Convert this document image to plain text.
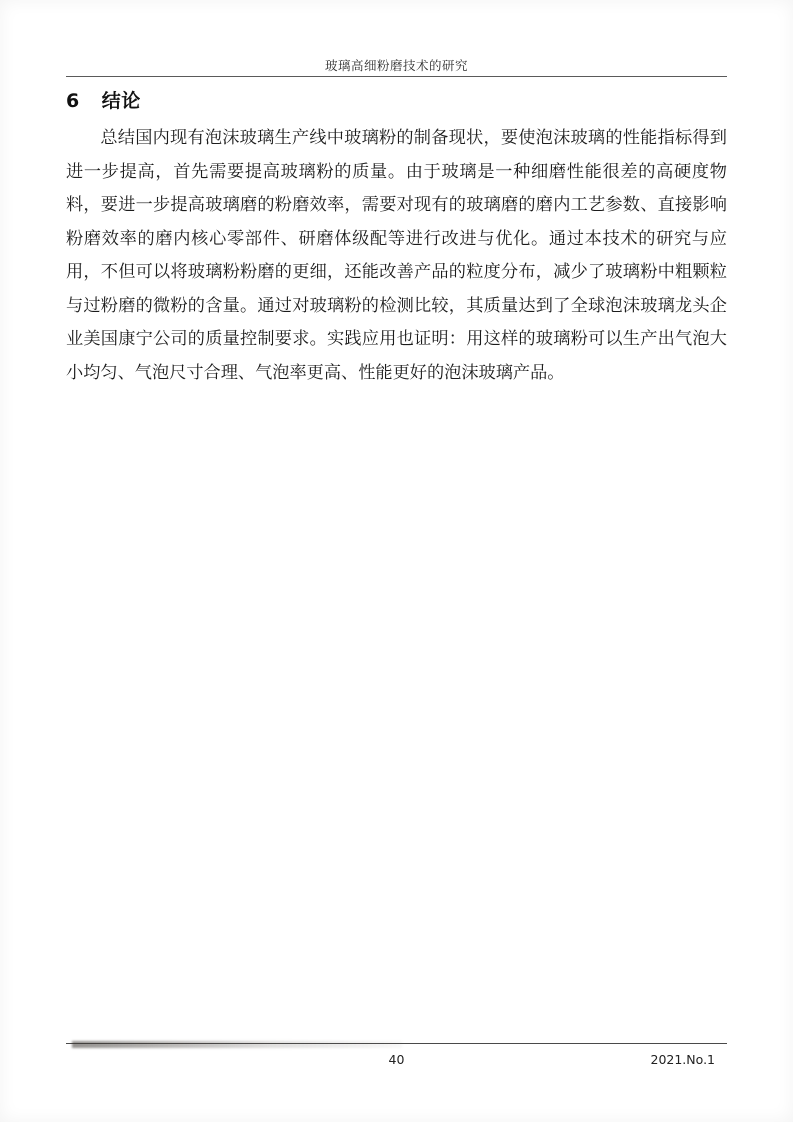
玻璃高细粉磨技术的研究
6 结论
总结国内现有泡沫玻璃生产线中玻璃粉的制备现状，要使泡沫玻璃的性能指标得到进一步提高，首先需要提高玻璃粉的质量。由于玻璃是一种细磨性能很差的高硬度物料，要进一步提高玻璃磨的粉磨效率，需要对现有的玻璃磨的磨内工艺参数、直接影响粉磨效率的磨内核心零部件、研磨体级配等进行改进与优化。通过本技术的研究与应用，不但可以将玻璃粉粉磨的更细，还能改善产品的粒度分布，减少了玻璃粉中粗颗粒与过粉磨的微粉的含量。通过对玻璃粉的检测比较，其质量达到了全球泡沫玻璃龙头企业美国康宁公司的质量控制要求。实践应用也证明：用这样的玻璃粉可以生产出气泡大小均匀、气泡尺寸合理、气泡率更高、性能更好的泡沫玻璃产品。
40	2021.No.1
